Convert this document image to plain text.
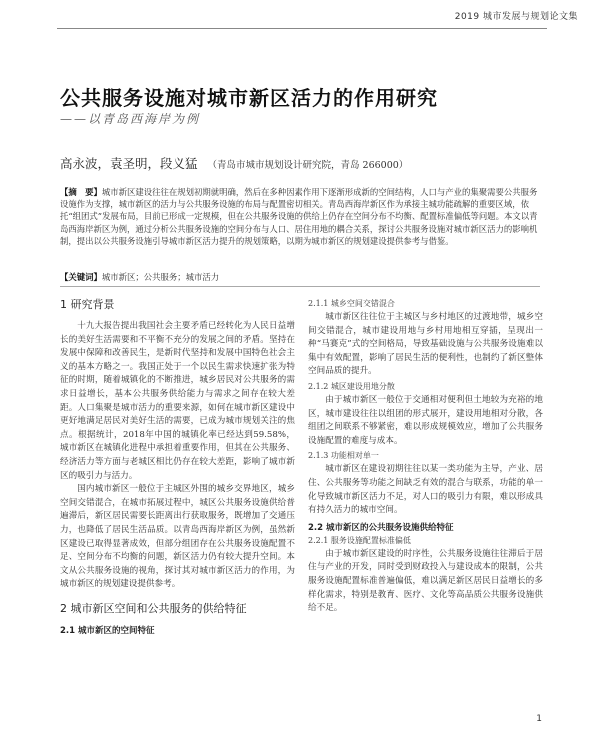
2019 城市发展与规划论文集
公共服务设施对城市新区活力的作用研究
——以青岛西海岸为例
高永波，袁圣明，段义猛 （青岛市城市规划设计研究院，青岛 266000）
【摘　要】城市新区建设往往在规划初期就明确，然后在多种因素作用下逐渐形成新的空间结构，人口与产业的集聚需要公共服务设施作为支撑，城市新区的活力与公共服务设施的布局与配置密切相关。青岛西海岸新区作为承接主城功能疏解的重要区域，依托“组团式”发展布局，目前已形成一定规模，但在公共服务设施的供给上仍存在空间分布不均衡、配置标准偏低等问题。本文以青岛西海岸新区为例，通过分析公共服务设施的空间分布与人口、居住用地的耦合关系，探讨公共服务设施对城市新区活力的影响机制，提出以公共服务设施引导城市新区活力提升的规划策略，以期为城市新区的规划建设提供参考与借鉴。
【关键词】城市新区；公共服务；城市活力
1 研究背景

十九大报告提出我国社会主要矛盾已经转化为人民日益增长的美好生活需要和不平衡不充分的发展之间的矛盾。坚持在发展中保障和改善民生，是新时代坚持和发展中国特色社会主义的基本方略之一。我国正处于一个以民生需求快速扩张为特征的时期，随着城镇化的不断推进，城乡居民对公共服务的需求日益增长，基本公共服务供给能力与需求之间存在较大差距。人口集聚是城市活力的重要来源，如何在城市新区建设中更好地满足居民对美好生活的需要，已成为城市规划关注的焦点。根据统计，2018年中国的城镇化率已经达到59.58%，城市新区在城镇化进程中承担着重要作用，但其在公共服务、经济活力等方面与老城区相比仍存在较大差距，影响了城市新区的吸引力与活力。

国内城市新区一般位于主城区外围的城乡交界地区，城乡空间交错混合，在城市拓展过程中，城区公共服务设施供给普遍滞后，新区居民需要长距离出行获取服务，既增加了交通压力，也降低了居民生活品质。以青岛西海岸新区为例，虽然新区建设已取得显著成效，但部分组团存在公共服务设施配置不足、空间分布不均衡的问题，新区活力仍有较大提升空间。本文从公共服务设施的视角，探讨其对城市新区活力的作用，为城市新区的规划建设提供参考。

2 城市新区空间和公共服务的供给特征
2.1 城市新区的空间特征
2.1.1 城乡空间交错混合

城市新区往往位于主城区与乡村地区的过渡地带，城乡空间交错混合，城市建设用地与乡村用地相互穿插，呈现出一种“马赛克”式的空间格局，导致基础设施与公共服务设施难以集中有效配置，影响了居民生活的便利性，也制约了新区整体空间品质的提升。

2.1.2 城区建设用地分散

由于城市新区一般位于交通相对便利但土地较为充裕的地区，城市建设往往以组团的形式展开，建设用地相对分散，各组团之间联系不够紧密，难以形成规模效应，增加了公共服务设施配置的难度与成本。

2.1.3 功能相对单一

城市新区在建设初期往往以某一类功能为主导，产业、居住、公共服务等功能之间缺乏有效的混合与联系，功能的单一化导致城市新区活力不足，对人口的吸引力有限，难以形成具有持久活力的城市空间。

2.2 城市新区的公共服务设施供给特征
2.2.1 服务设施配置标准偏低

由于城市新区建设的时序性，公共服务设施往往滞后于居住与产业的开发，同时受到财政投入与建设成本的限制，公共服务设施配置标准普遍偏低，难以满足新区居民日益增长的多样化需求，特别是教育、医疗、文化等高品质公共服务设施供给不足。

1
